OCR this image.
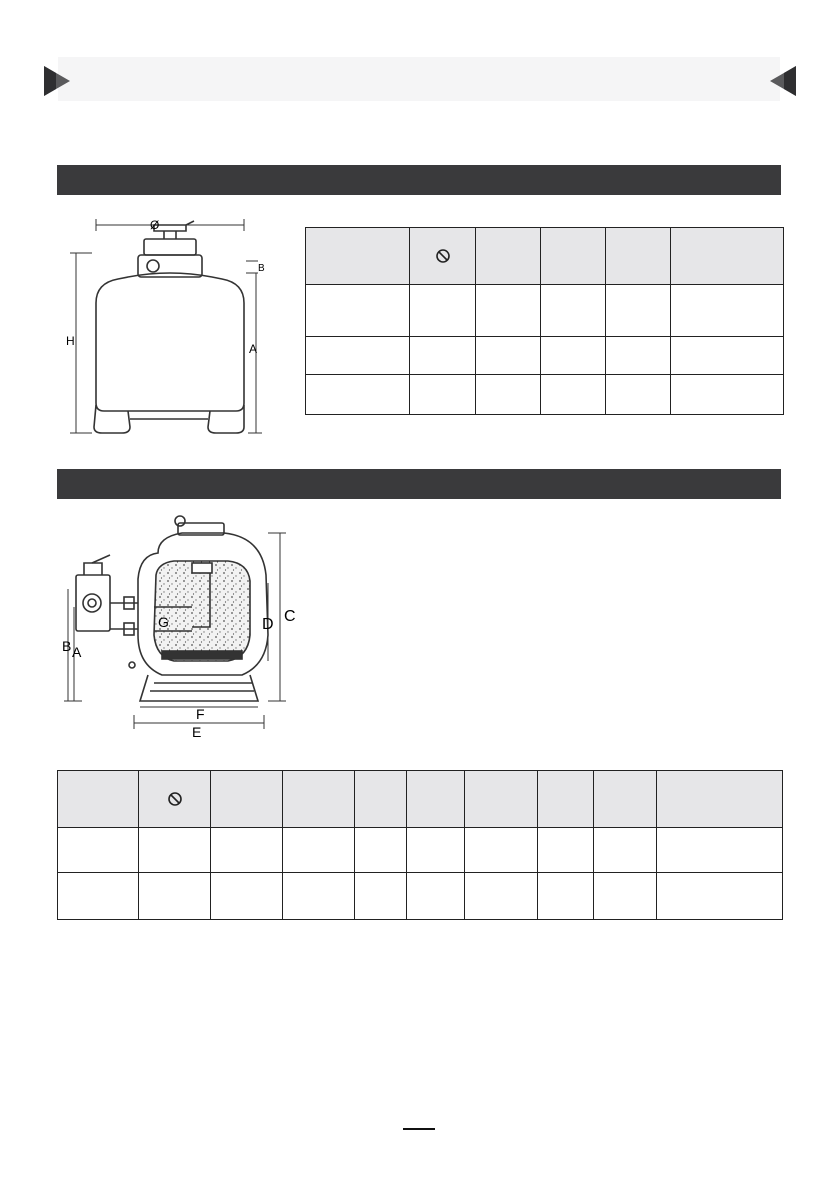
Ø
H
A
B

B A
C
D
G
F
E
